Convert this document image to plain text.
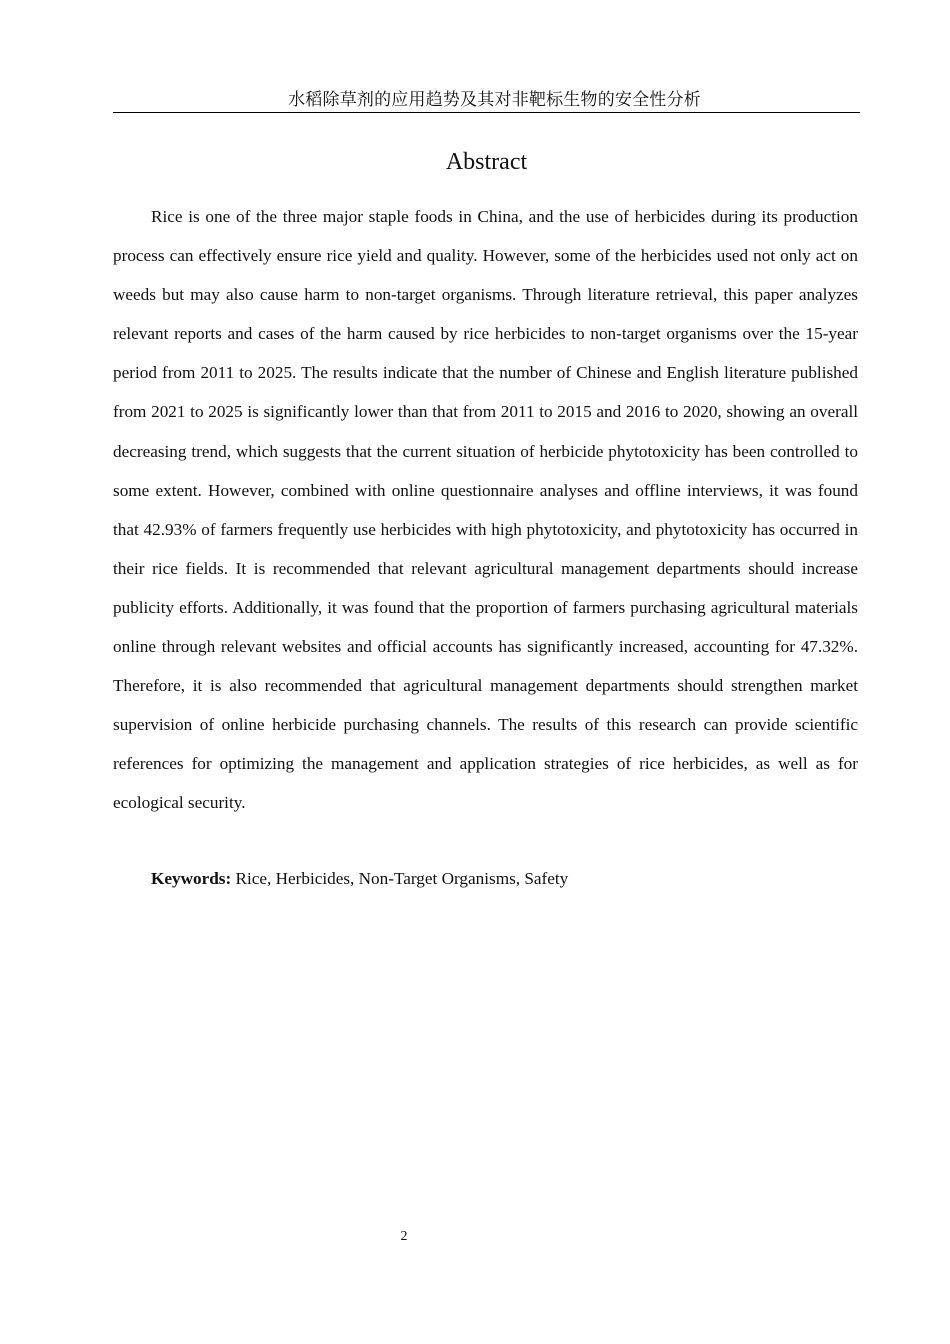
水稻除草剂的应用趋势及其对非靶标生物的安全性分析
Abstract

Rice is one of the three major staple foods in China, and the use of herbicides during its production process can effectively ensure rice yield and quality. However, some of the herbicides used not only act on weeds but may also cause harm to non-target organisms. Through literature retrieval, this paper analyzes relevant reports and cases of the harm caused by rice herbicides to non-target organisms over the 15-year period from 2011 to 2025. The results indicate that the number of Chinese and English literature published from 2021 to 2025 is significantly lower than that from 2011 to 2015 and 2016 to 2020, showing an overall decreasing trend, which suggests that the current situation of herbicide phytotoxicity has been controlled to some extent. However, combined with online questionnaire analyses and offline interviews, it was found that 42.93% of farmers frequently use herbicides with high phytotoxicity, and phytotoxicity has occurred in their rice fields. It is recommended that relevant agricultural management departments should increase publicity efforts. Additionally, it was found that the proportion of farmers purchasing agricultural materials online through relevant websites and official accounts has significantly increased, accounting for 47.32%. Therefore, it is also recommended that agricultural management departments should strengthen market supervision of online herbicide purchasing channels. The results of this research can provide scientific references for optimizing the management and application strategies of rice herbicides, as well as for ecological security.

Keywords: Rice, Herbicides, Non-Target Organisms, Safety

2
